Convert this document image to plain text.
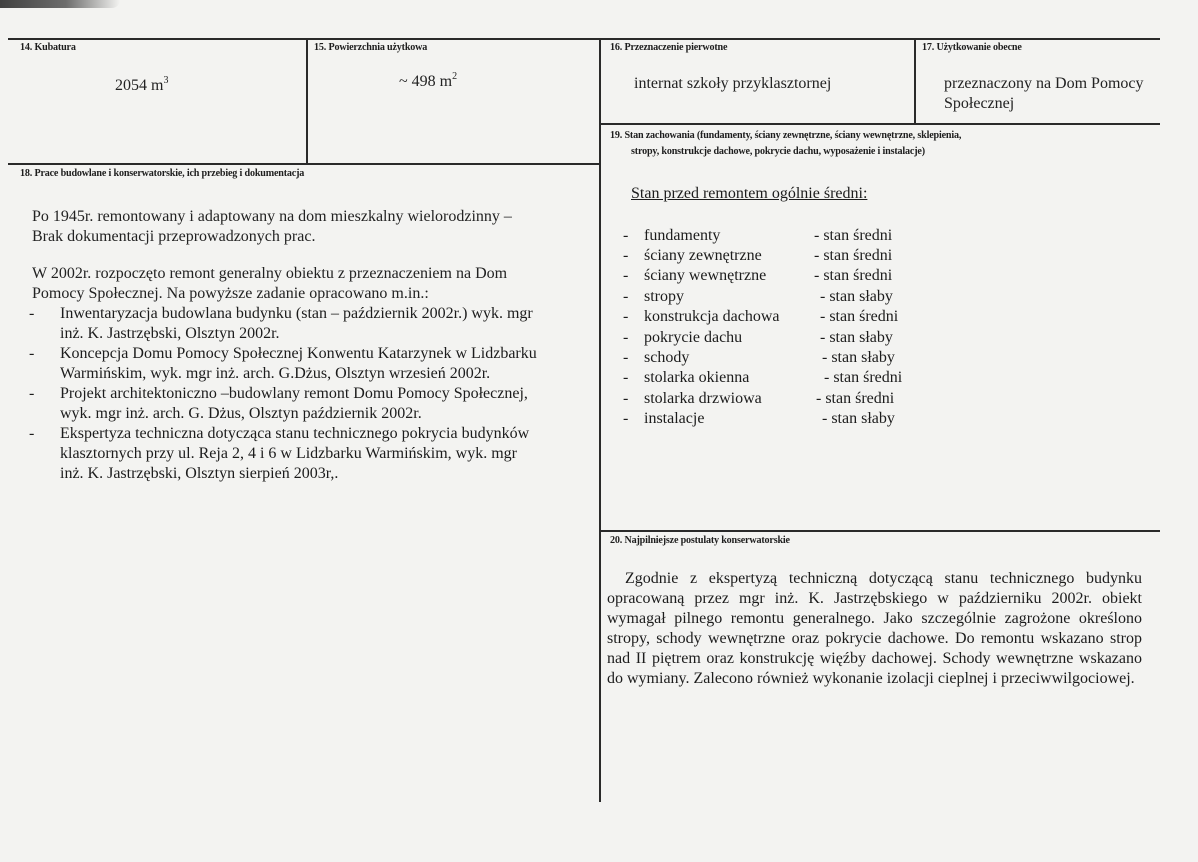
14. Kubatura
2054 $m^3$
15. Powierzchnia użytkowa
~ 498 $m^2$
16. Przeznaczenie pierwotne
internat szkoły przyklasztornej
17. Użytkowanie obecne
przeznaczony na Dom Pomocy
Społecznej
18. Prace budowlane i konserwatorskie, ich przebieg i dokumentacja
Po 1945r. remontowany i adaptowany na dom mieszkalny wielorodzinny –
Brak dokumentacji przeprowadzonych prac.
W 2002r. rozpoczęto remont generalny obiektu z przeznaczeniem na Dom
Pomocy Społecznej. Na powyższe zadanie opracowano m.in.:
- Inwentaryzacja budowlana budynku (stan – październik 2002r.) wyk. mgr
inż. K. Jastrzębski, Olsztyn 2002r.
- Koncepcja Domu Pomocy Społecznej Konwentu Katarzynek w Lidzbarku
Warmińskim, wyk. mgr inż. arch. G.Dżus, Olsztyn wrzesień 2002r.
- Projekt architektoniczno –budowlany remont Domu Pomocy Społecznej,
wyk. mgr inż. arch. G. Dżus, Olsztyn październik 2002r.
- Ekspertyza techniczna dotycząca stanu technicznego pokrycia budynków
klasztornych przy ul. Reja 2, 4 i 6 w Lidzbarku Warmińskim, wyk. mgr
inż. K. Jastrzębski, Olsztyn sierpień 2003r,.
19. Stan zachowania (fundamenty, ściany zewnętrzne, ściany wewnętrzne, sklepienia,
stropy, konstrukcje dachowe, pokrycie dachu, wyposażenie i instalacje)
Stan przed remontem ogólnie średni:
- fundamenty	- stan średni
- ściany zewnętrzne	- stan średni
- ściany wewnętrzne	- stan średni
- stropy	- stan słaby
- konstrukcja dachowa	- stan średni
- pokrycie dachu	- stan słaby
- schody	- stan słaby
- stolarka okienna	- stan średni
- stolarka drzwiowa	- stan średni
- instalacje	- stan słaby
20. Najpilniejsze postulaty konserwatorskie
Zgodnie z ekspertyzą techniczną dotyczącą stanu technicznego budynku opracowaną przez mgr inż. K. Jastrzębskiego w październiku 2002r. obiekt wymagał pilnego remontu generalnego. Jako szczególnie zagrożone określono stropy, schody wewnętrzne oraz pokrycie dachowe. Do remontu wskazano strop nad II piętrem oraz konstrukcję więźby dachowej. Schody wewnętrzne wskazano do wymiany. Zalecono również wykonanie izolacji cieplnej i przeciwwilgociowej.
